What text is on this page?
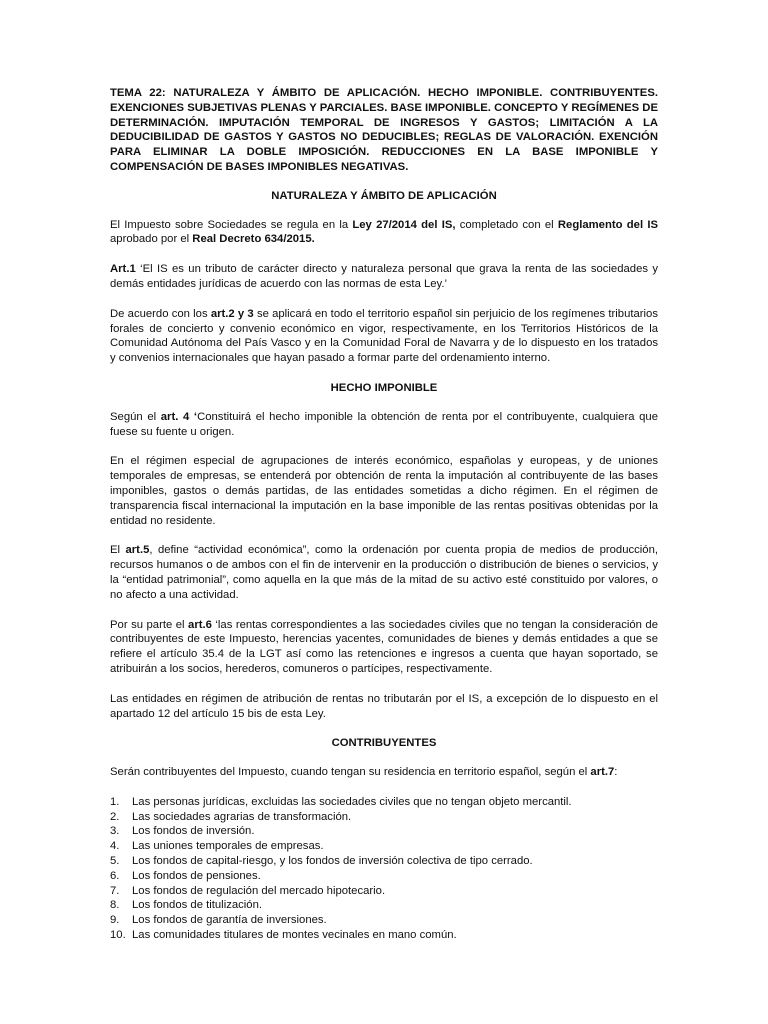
TEMA 22: NATURALEZA Y ÁMBITO DE APLICACIÓN. HECHO IMPONIBLE. CONTRIBUYENTES. EXENCIONES SUBJETIVAS PLENAS Y PARCIALES. BASE IMPONIBLE. CONCEPTO Y REGÍMENES DE DETERMINACIÓN. IMPUTACIÓN TEMPORAL DE INGRESOS Y GASTOS; LIMITACIÓN A LA DEDUCIBILIDAD DE GASTOS Y GASTOS NO DEDUCIBLES; REGLAS DE VALORACIÓN. EXENCIÓN PARA ELIMINAR LA DOBLE IMPOSICIÓN. REDUCCIONES EN LA BASE IMPONIBLE Y COMPENSACIÓN DE BASES IMPONIBLES NEGATIVAS.

NATURALEZA Y ÁMBITO DE APLICACIÓN

El Impuesto sobre Sociedades se regula en la Ley 27/2014 del IS, completado con el Reglamento del IS aprobado por el Real Decreto 634/2015.

Art.1 ‘El IS es un tributo de carácter directo y naturaleza personal que grava la renta de las sociedades y demás entidades jurídicas de acuerdo con las normas de esta Ley.’

De acuerdo con los art.2 y 3 se aplicará en todo el territorio español sin perjuicio de los regímenes tributarios forales de concierto y convenio económico en vigor, respectivamente, en los Territorios Históricos de la Comunidad Autónoma del País Vasco y en la Comunidad Foral de Navarra y de lo dispuesto en los tratados y convenios internacionales que hayan pasado a formar parte del ordenamiento interno.

HECHO IMPONIBLE

Según el art. 4 ‘Constituirá el hecho imponible la obtención de renta por el contribuyente, cualquiera que fuese su fuente u origen.

En el régimen especial de agrupaciones de interés económico, españolas y europeas, y de uniones temporales de empresas, se entenderá por obtención de renta la imputación al contribuyente de las bases imponibles, gastos o demás partidas, de las entidades sometidas a dicho régimen. En el régimen de transparencia fiscal internacional la imputación en la base imponible de las rentas positivas obtenidas por la entidad no residente.

El art.5, define “actividad económica”, como la ordenación por cuenta propia de medios de producción, recursos humanos o de ambos con el fin de intervenir en la producción o distribución de bienes o servicios, y la “entidad patrimonial”, como aquella en la que más de la mitad de su activo esté constituido por valores, o no afecto a una actividad.

Por su parte el art.6 ‘las rentas correspondientes a las sociedades civiles que no tengan la consideración de contribuyentes de este Impuesto, herencias yacentes, comunidades de bienes y demás entidades a que se refiere el artículo 35.4 de la LGT así como las retenciones e ingresos a cuenta que hayan soportado, se atribuirán a los socios, herederos, comuneros o partícipes, respectivamente.

Las entidades en régimen de atribución de rentas no tributarán por el IS, a excepción de lo dispuesto en el apartado 12 del artículo 15 bis de esta Ley.

CONTRIBUYENTES

Serán contribuyentes del Impuesto, cuando tengan su residencia en territorio español, según el art.7:

1.	Las personas jurídicas, excluidas las sociedades civiles que no tengan objeto mercantil.
2.	Las sociedades agrarias de transformación.
3.	Los fondos de inversión.
4.	Las uniones temporales de empresas.
5.	Los fondos de capital-riesgo, y los fondos de inversión colectiva de tipo cerrado.
6.	Los fondos de pensiones.
7.	Los fondos de regulación del mercado hipotecario.
8.	Los fondos de titulización.
9.	Los fondos de garantía de inversiones.
10. Las comunidades titulares de montes vecinales en mano común.
